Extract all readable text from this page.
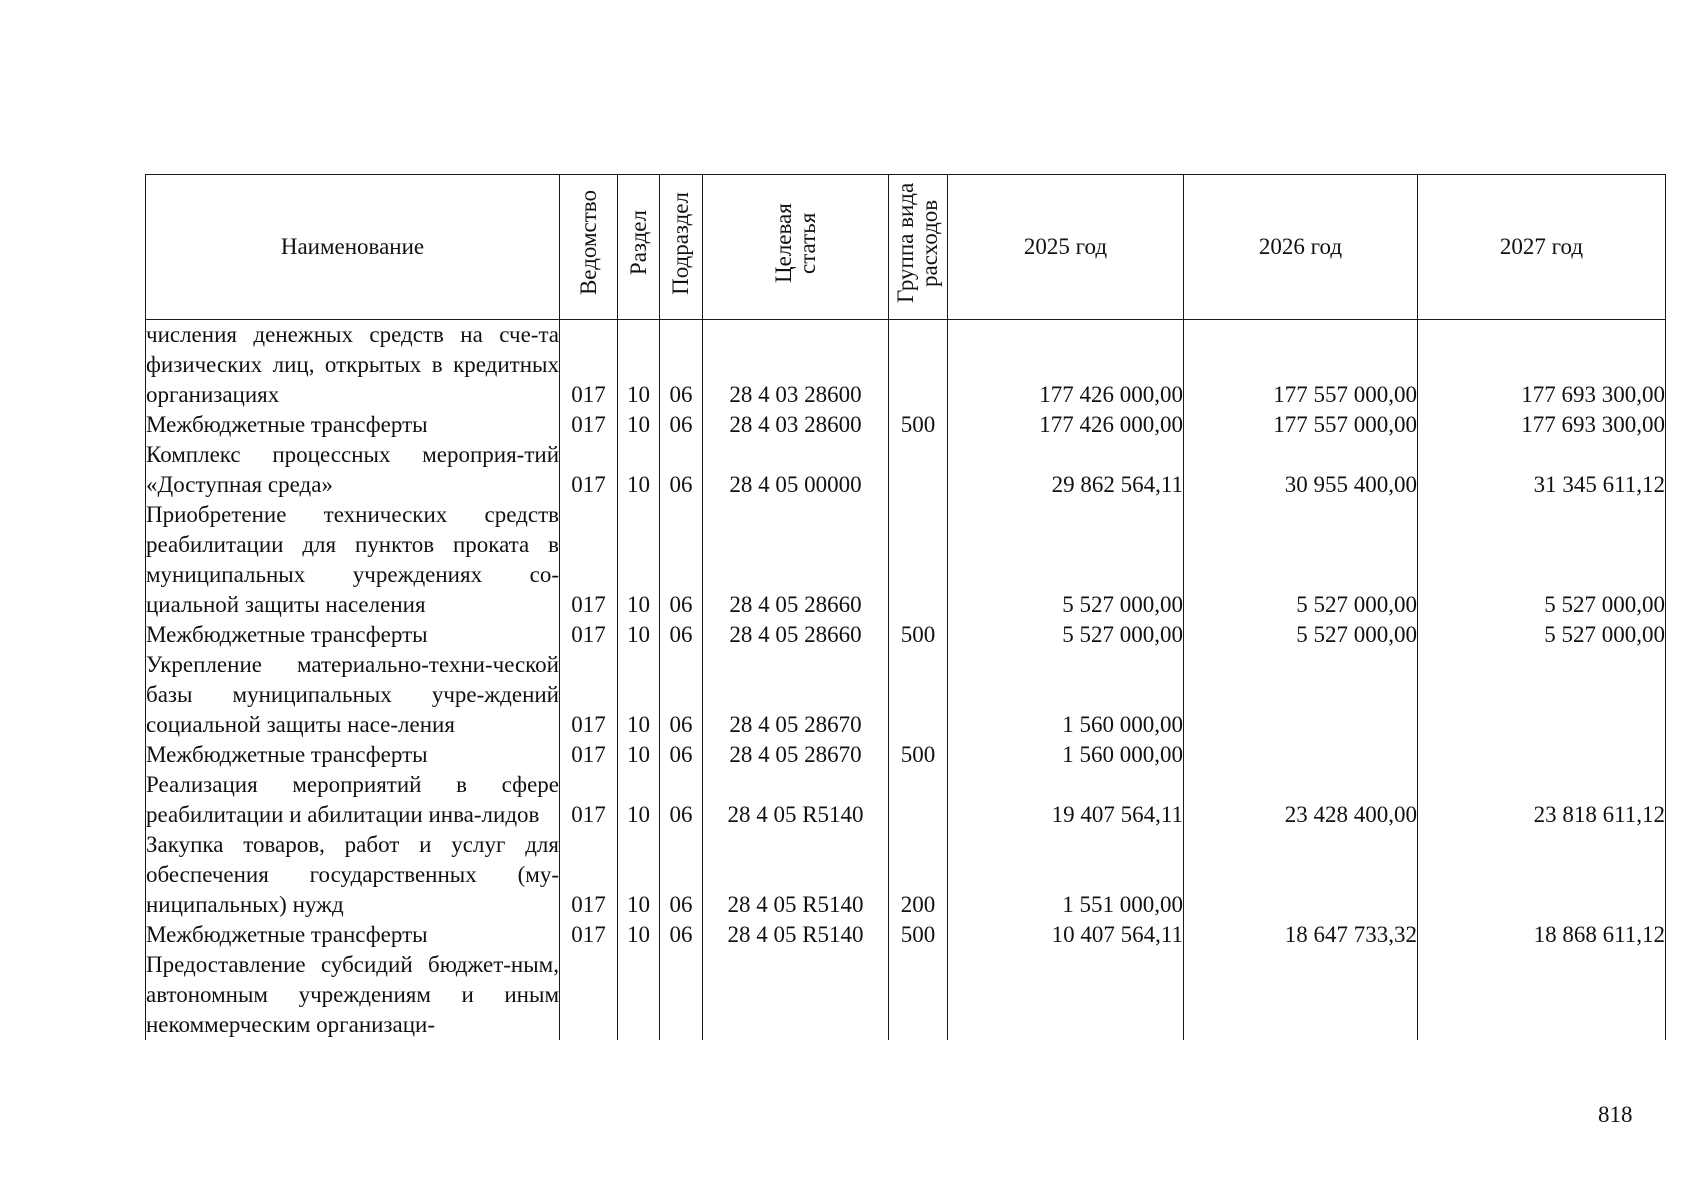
Наименование	Ведомство	Раздел	Подраздел	Целевая статья	Группа вида расходов	2025 год	2026 год	2027 год
числения денежных средств на сче-та физических лиц, открытых в кредитных организациях	017	10	06	28 4 03 28600		177 426 000,00	177 557 000,00	177 693 300,00
Межбюджетные трансферты	017	10	06	28 4 03 28600	500	177 426 000,00	177 557 000,00	177 693 300,00
Комплекс процессных мероприя-тий «Доступная среда»	017	10	06	28 4 05 00000		29 862 564,11	30 955 400,00	31 345 611,12
Приобретение технических средств реабилитации для пунктов проката в муниципальных учреждениях со-циальной защиты населения	017	10	06	28 4 05 28660		5 527 000,00	5 527 000,00	5 527 000,00
Межбюджетные трансферты	017	10	06	28 4 05 28660	500	5 527 000,00	5 527 000,00	5 527 000,00
Укрепление материально-техни-ческой базы муниципальных учре-ждений социальной защиты насе-ления	017	10	06	28 4 05 28670		1 560 000,00		
Межбюджетные трансферты	017	10	06	28 4 05 28670	500	1 560 000,00		
Реализация мероприятий в сфере реабилитации и абилитации инва-лидов	017	10	06	28 4 05 R5140		19 407 564,11	23 428 400,00	23 818 611,12
Закупка товаров, работ и услуг для обеспечения государственных (му-ниципальных) нужд	017	10	06	28 4 05 R5140	200	1 551 000,00		
Межбюджетные трансферты	017	10	06	28 4 05 R5140	500	10 407 564,11	18 647 733,32	18 868 611,12
Предоставление субсидий бюджет-ным, автономным учреждениям и иным некоммерческим организаци-								
818
